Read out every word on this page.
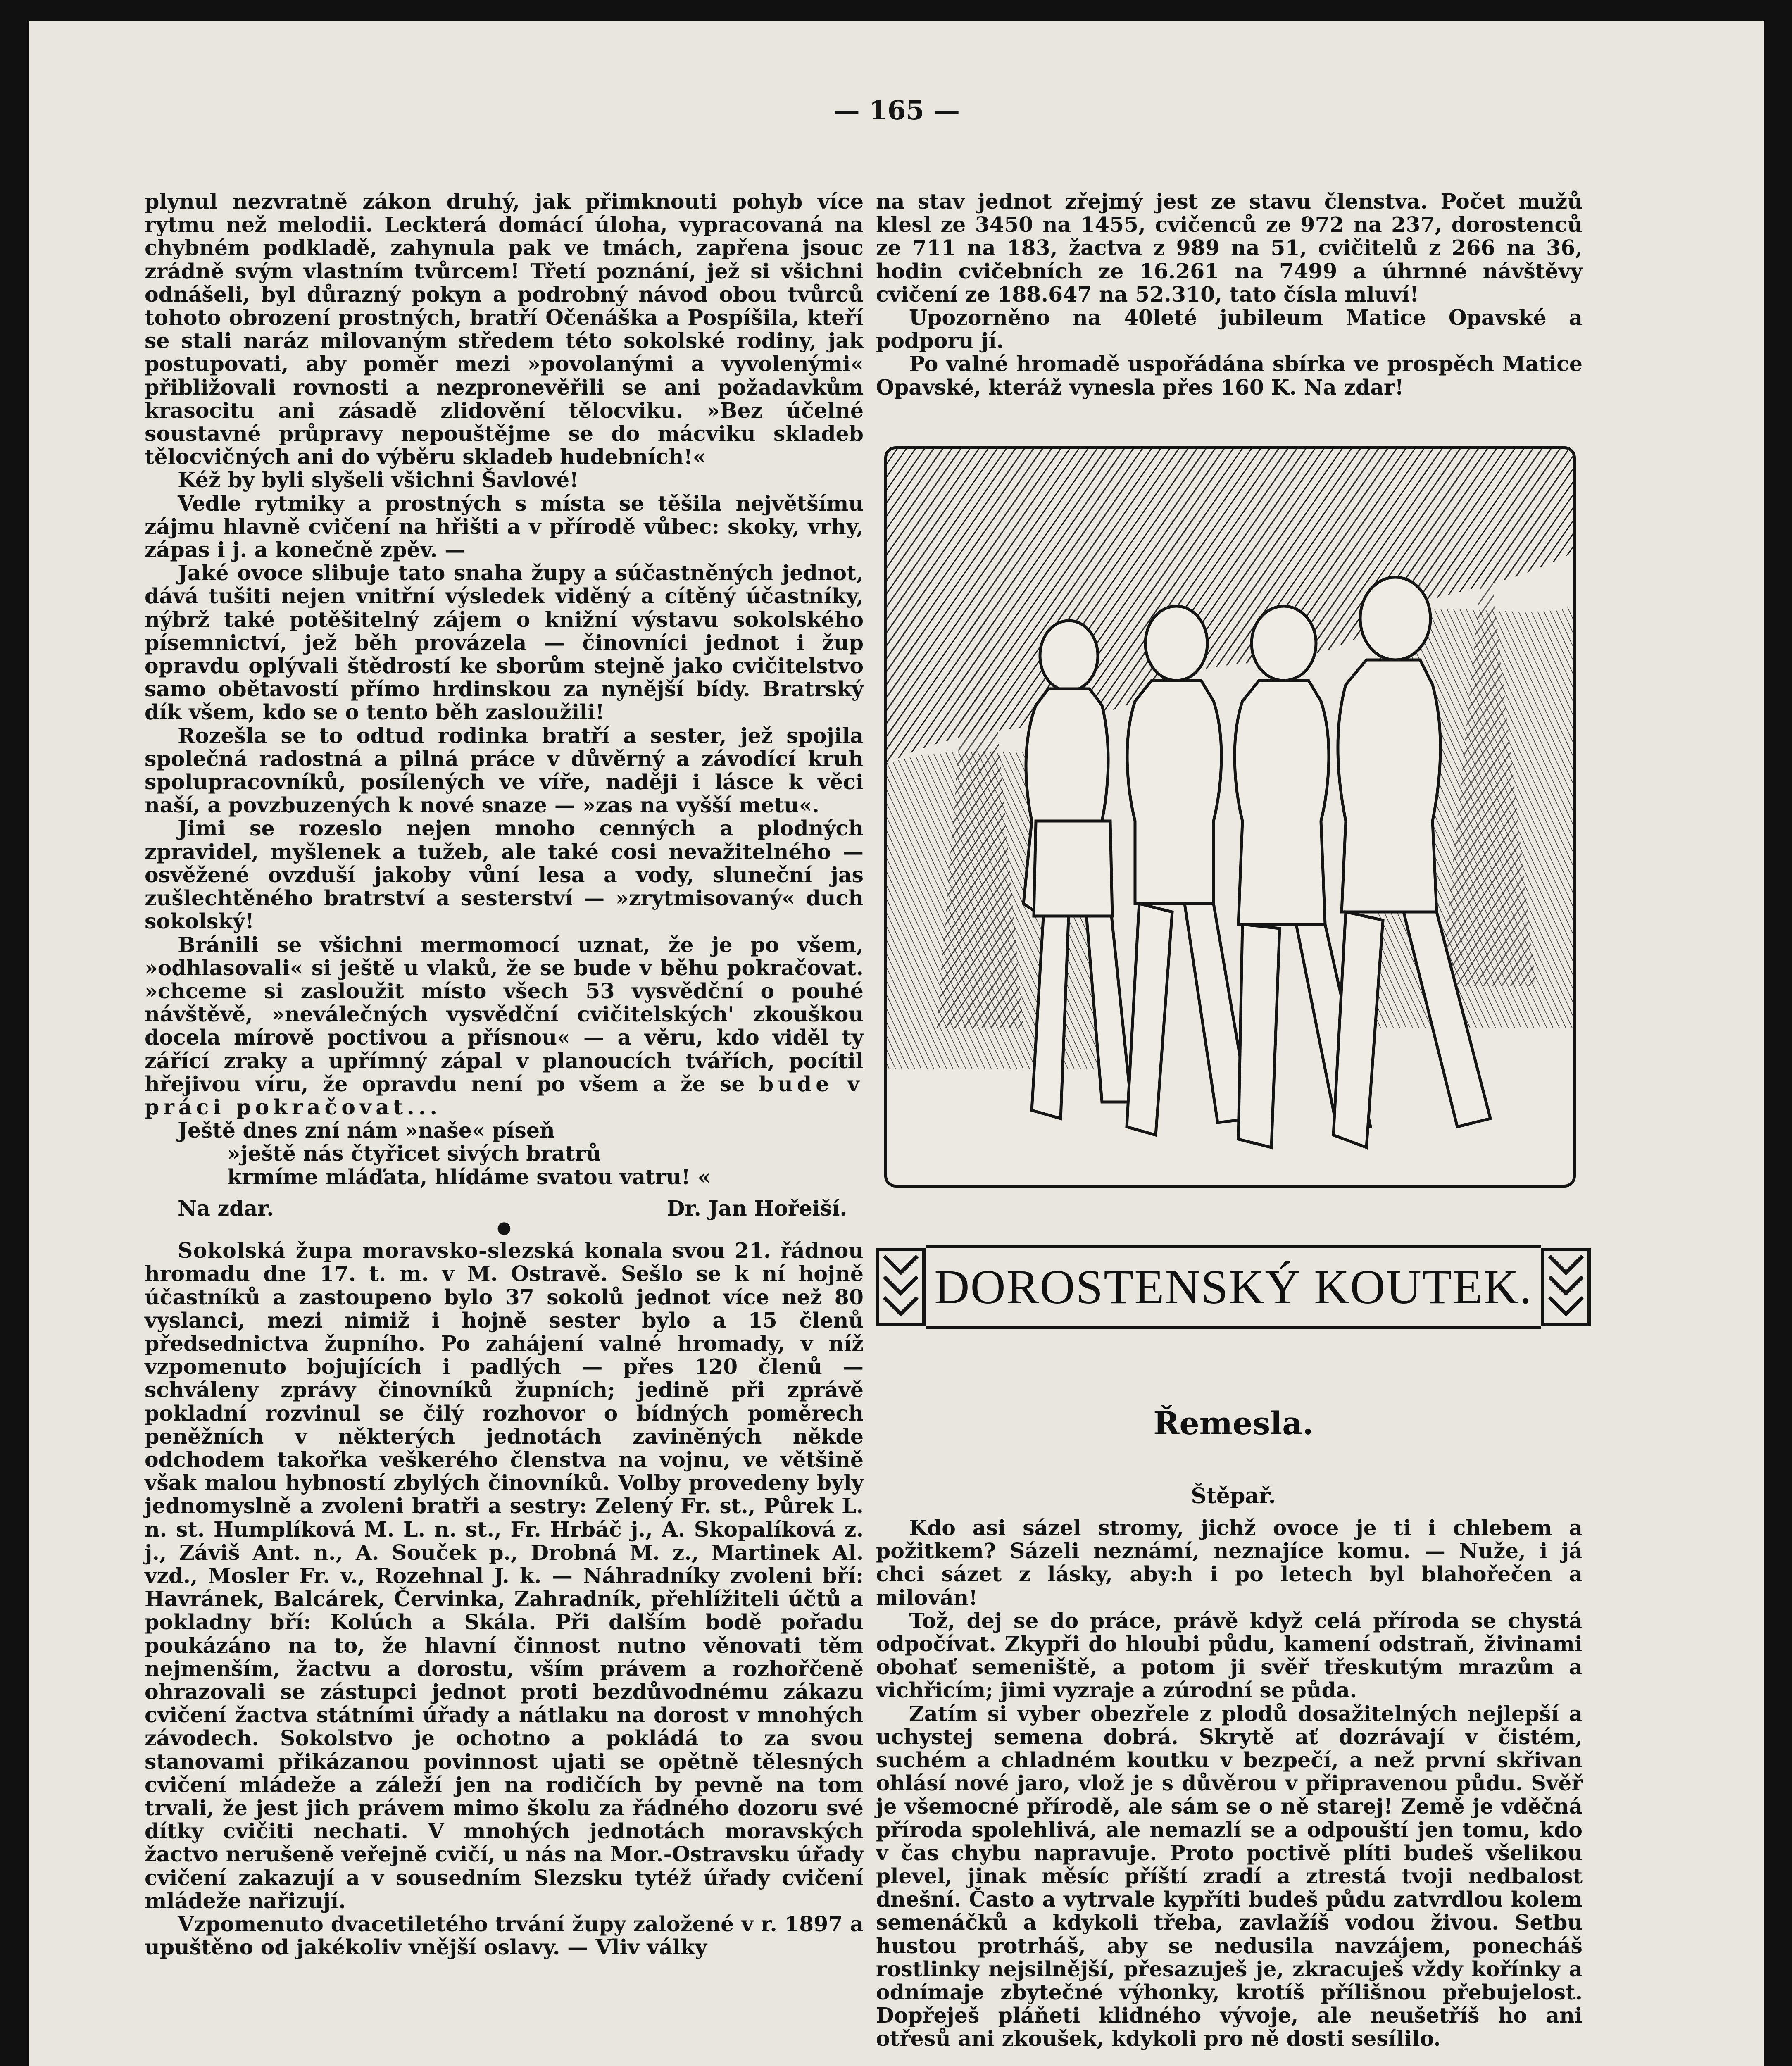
— 165 —

plynul nezvratně zákon druhý, jak přimknouti pohyb více rytmu než melodii. Leckterá domácí úloha, vypracovaná na chybném podkladě, zahynula pak ve tmách, zapřena jsouc zrádně svým vlastním tvůrcem! Třetí poznání, jež si všichni odnášeli, byl důrazný pokyn a podrobný návod obou tvůrců tohoto obrození prostných, bratří Očenáška a Pospíšila, kteří se stali naráz milovaným středem této sokolské rodiny, jak postupovati, aby poměr mezi »povolanými a vyvolenými« přibližovali rovnosti a nezpronevěřili se ani požadavkům krasocitu ani zásadě zlidovění tělocviku. »Bez účelné soustavné průpravy nepouštějme se do mácviku skladeb tělocvičných ani do výběru skladeb hudebních!«

Kéž by byli slyšeli všichni Šavlové!

Vedle rytmiky a prostných s místa se těšila největšímu zájmu hlavně cvičení na hřišti a v přírodě vůbec: skoky, vrhy, zápas i j. a konečně zpěv. —

Jaké ovoce slibuje tato snaha župy a súčastněných jednot, dává tušiti nejen vnitřní výsledek viděný a cítěný účastníky, nýbrž také potěšitelný zájem o knižní výstavu sokolského písemnictví, jež běh provázela — činovníci jednot i žup opravdu oplývali štědrostí ke sborům stejně jako cvičitelstvo samo obětavostí přímo hrdinskou za nynější bídy. Bratrský dík všem, kdo se o tento běh zasloužili!

Rozešla se to odtud rodinka bratří a sester, jež spojila společná radostná a pilná práce v důvěrný a závodící kruh spolupracovníků, posílených ve víře, naději i lásce k věci naší, a povzbuzených k nové snaze — »zas na vyšší metu«.

Jimi se rozeslo nejen mnoho cenných a plodných zpravidel, myšlenek a tužeb, ale také cosi nevažitelného — osvěžené ovzduší jakoby vůní lesa a vody, sluneční jas zušlechtěného bratrství a sesterství — »zrytmisovaný« duch sokolský!

Bránili se všichni mermomocí uznat, že je po všem, »odhlasovali« si ještě u vlaků, že se bude v běhu pokračovat. »chceme si zasloužit místo všech 53 vysvědční o pouhé návštěvě, »neválečných vysvědční cvičitelských' zkouškou docela mírově poctivou a přísnou« — a věru, kdo viděl ty zářící zraky a upřímný zápal v planoucích tvářích, pocítil hřejivou víru, že opravdu není po všem a že se bude v práci pokračovat...

Ještě dnes zní nám »naše« píseň
»ještě nás čtyřicet sivých bratrů
krmíme mláďata, hlídáme svatou vatru! «
Na zdar.	Dr. Jan Hořeiší.
●

Sokolská župa moravsko-slezská konala svou 21. řádnou hromadu dne 17. t. m. v M. Ostravě. Sešlo se k ní hojně účastníků a zastoupeno bylo 37 sokolů jednot více než 80 vyslanci, mezi nimiž i hojně sester bylo a 15 členů předsednictva župního. Po zahájení valné hromady, v níž vzpomenuto bojujících i padlých — přes 120 členů — schváleny zprávy činovníků župních; jedině při zprávě pokladní rozvinul se čilý rozhovor o bídných poměrech peněžních v některých jednotách zaviněných někde odchodem takořka veškerého členstva na vojnu, ve většině však malou hybností zbylých činovníků. Volby provedeny byly jednomyslně a zvoleni bratři a sestry: Zelený Fr. st., Půrek L. n. st. Humplíková M. L. n. st., Fr. Hrbáč j., A. Skopalíková z. j., Záviš Ant. n., A. Souček p., Drobná M. z., Martinek Al. vzd., Mosler Fr. v., Rozehnal J. k. — Náhradníky zvoleni bří: Havránek, Balcárek, Červinka, Zahradník, přehlížiteli účtů a pokladny bří: Kolúch a Skála. Při dalším bodě pořadu poukázáno na to, že hlavní činnost nutno věnovati těm nejmenším, žactvu a dorostu, vším právem a rozhořčeně ohrazovali se zástupci jednot proti bezdůvodnému zákazu cvičení žactva státními úřady a nátlaku na dorost v mnohých závodech. Sokolstvo je ochotno a pokládá to za svou stanovami přikázanou povinnost ujati se opětně tělesných cvičení mládeže a záleží jen na rodičích by pevně na tom trvali, že jest jich právem mimo školu za řádného dozoru své dítky cvičiti nechati. V mnohých jednotách moravských žactvo nerušeně veřejně cvičí, u nás na Mor.-Ostravsku úřady cvičení zakazují a v sousedním Slezsku tytéž úřady cvičení mládeže nařizují.

Vzpomenuto dvacetiletého trvání župy založené v r. 1897 a upuštěno od jakékoliv vnější oslavy. — Vliv války

na stav jednot zřejmý jest ze stavu členstva. Počet mužů klesl ze 3450 na 1455, cvičenců ze 972 na 237, dorostenců ze 711 na 183, žactva z 989 na 51, cvičitelů z 266 na 36, hodin cvičebních ze 16.261 na 7499 a úhrnné návštěvy cvičení ze 188.647 na 52.310, tato čísla mluví!

Upozorněno na 40leté jubileum Matice Opavské a podporu jí.

Po valné hromadě uspořádána sbírka ve prospěch Matice Opavské, kteráž vynesla přes 160 K. Na zdar!

DOROSTENSKÝ KOUTEK.
Řemesla.
Štěpař.

Kdo asi sázel stromy, jichž ovoce je ti i chlebem a požitkem? Sázeli neznámí, neznajíce komu. — Nuže, i já chci sázet z lásky, aby:h i po letech byl blahořečen a milován!

Tož, dej se do práce, právě když celá příroda se chystá odpočívat. Zkypři do hloubi půdu, kamení odstraň, živinami obohať semeniště, a potom ji svěř třeskutým mrazům a vichřicím; jimi vyzraje a zúrodní se půda.

Zatím si vyber obezřele z plodů dosažitelných nejlepší a uchystej semena dobrá. Skrytě ať dozrávají v čistém, suchém a chladném koutku v bezpečí, a než první skřivan ohlásí nové jaro, vlož je s důvěrou v připravenou půdu. Svěř je všemocné přírodě, ale sám se o ně starej! Země je vděčná příroda spolehlivá, ale nemazlí se a odpouští jen tomu, kdo v čas chybu napravuje. Proto poctivě plíti budeš všelikou plevel, jinak měsíc příští zradí a ztrestá tvoji nedbalost dnešní. Často a vytrvale kypříti budeš půdu zatvrdlou kolem semenáčků a kdykoli třeba, zavlažíš vodou živou. Setbu hustou protrháš, aby se nedusila navzájem, ponecháš rostlinky nejsilnější, přesazuješ je, zkracuješ vždy kořínky a odnímaje zbytečné výhonky, krotíš přílišnou přebujelost. Dopřeješ pláňeti klidného vývoje, ale neušetříš ho ani otřesů ani zkoušek, kdykoli pro ně dosti sesílilo.
